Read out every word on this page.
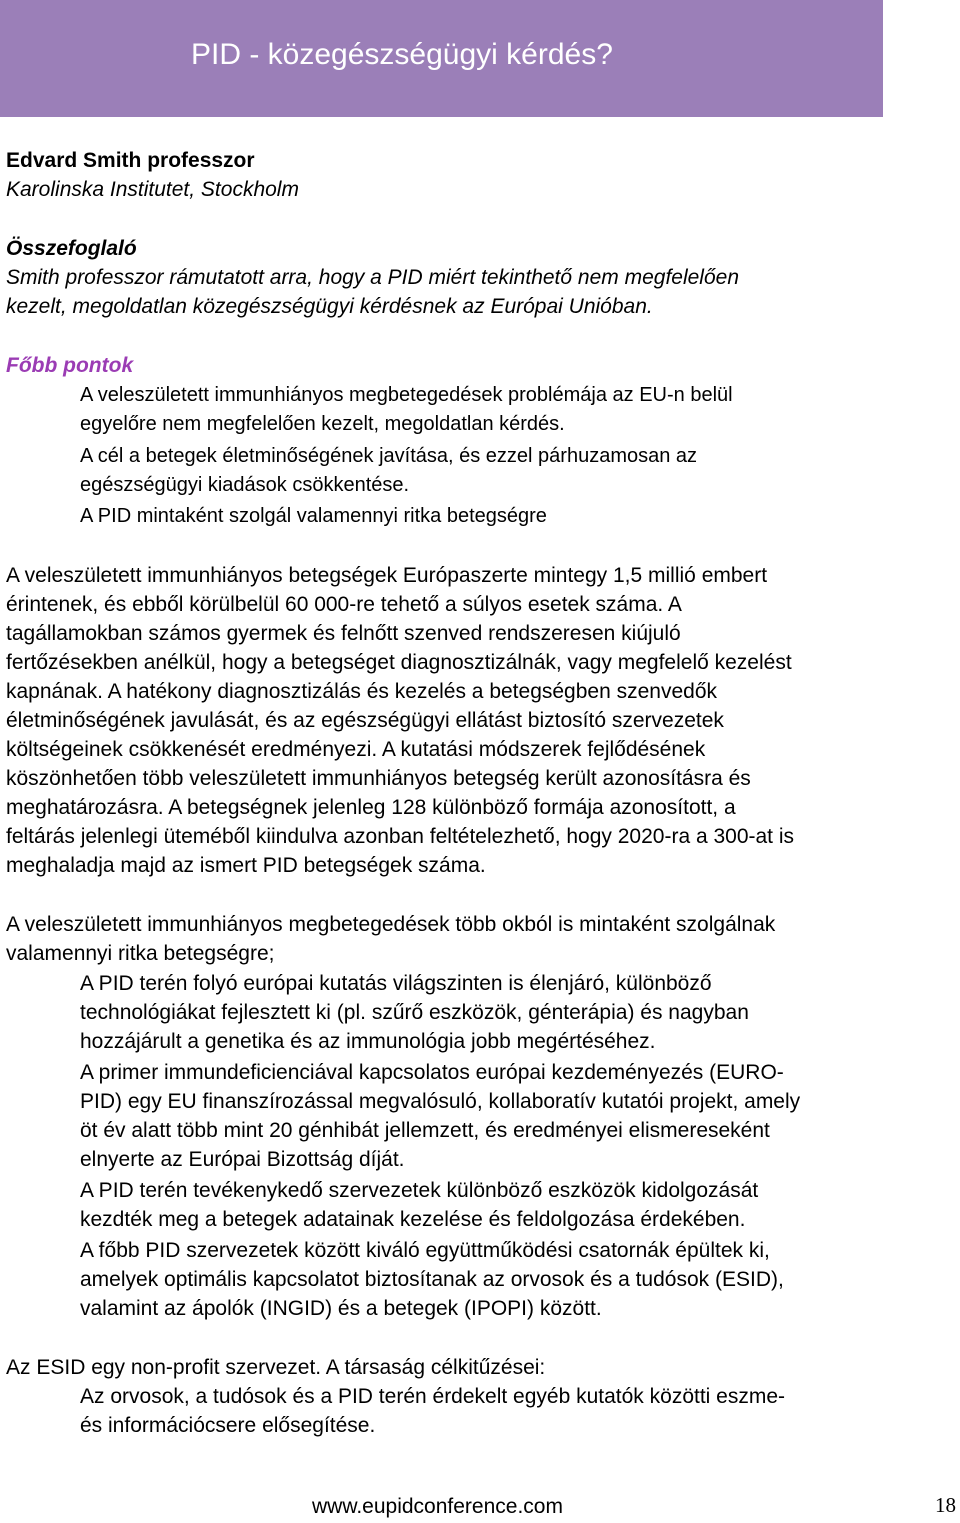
PID - közegészségügyi kérdés?
Edvard Smith professzor
Karolinska Institutet, Stockholm
Összefoglaló
Smith professzor rámutatott arra, hogy a PID miért tekinthető nem megfelelően
kezelt, megoldatlan közegészségügyi kérdésnek az Európai Unióban.
Főbb pontok
A veleszületett immunhiányos megbetegedések problémája az EU-n belül
egyelőre nem megfelelően kezelt, megoldatlan kérdés.
A cél a betegek életminőségének javítása, és ezzel párhuzamosan az
egészségügyi kiadások csökkentése.
A PID mintaként szolgál valamennyi ritka betegségre
A veleszületett immunhiányos betegségek Európaszerte mintegy 1,5 millió embert
érintenek, és ebből körülbelül 60 000-re tehető a súlyos esetek száma. A
tagállamokban számos gyermek és felnőtt szenved rendszeresen kiújuló
fertőzésekben anélkül, hogy a betegséget diagnosztizálnák, vagy megfelelő kezelést
kapnának. A hatékony diagnosztizálás és kezelés a betegségben szenvedők
életminőségének javulását, és az egészségügyi ellátást biztosító szervezetek
költségeinek csökkenését eredményezi. A kutatási módszerek fejlődésének
köszönhetően több veleszületett immunhiányos betegség került azonosításra és
meghatározásra. A betegségnek jelenleg 128 különböző formája azonosított, a
feltárás jelenlegi üteméből kiindulva azonban feltételezhető, hogy 2020-ra a 300-at is
meghaladja majd az ismert PID betegségek száma.
A veleszületett immunhiányos megbetegedések több okból is mintaként szolgálnak
valamennyi ritka betegségre;
A PID terén folyó európai kutatás világszinten is élenjáró, különböző
technológiákat fejlesztett ki (pl. szűrő eszközök, génterápia) és nagyban
hozzájárult a genetika és az immunológia jobb megértéséhez.
A primer immundeficienciával kapcsolatos európai kezdeményezés (EURO-
PID) egy EU finanszírozással megvalósuló, kollaboratív kutatói projekt, amely
öt év alatt több mint 20 génhibát jellemzett, és eredményei elismereseként
elnyerte az Európai Bizottság díját.
A PID terén tevékenykedő szervezetek különböző eszközök kidolgozását
kezdték meg a betegek adatainak kezelése és feldolgozása érdekében.
A főbb PID szervezetek között kiváló együttműködési csatornák épültek ki,
amelyek optimális kapcsolatot biztosítanak az orvosok és a tudósok (ESID),
valamint az ápolók (INGID) és a betegek (IPOPI) között.
Az ESID egy non-profit szervezet. A társaság célkitűzései:
Az orvosok, a tudósok és a PID terén érdekelt egyéb kutatók közötti eszme-
és információcsere elősegítése.
www.eupidconference.com	18
